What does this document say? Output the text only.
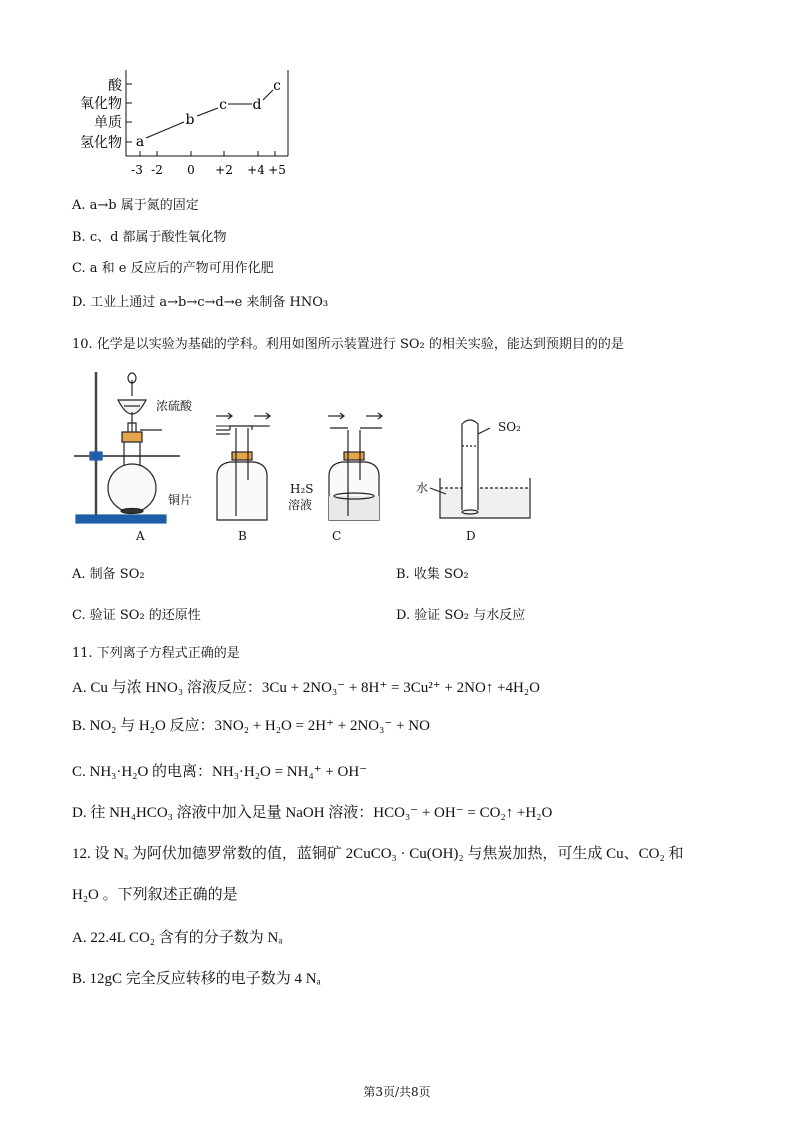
酸
氧化物
单质
氢化物
-3 -2 0 +2 +4 +5
a
b
c d
c
A. a→b 属于氮的固定
B. c、d 都属于酸性氧化物
C. a 和 e 反应后的产物可用作化肥
D. 工业上通过 a→b→c→d→e 来制备 HNO₃
10. 化学是以实验为基础的学科。利用如图所示装置进行 SO₂ 的相关实验，能达到预期目的的是
浓硫酸
铜片
H₂S
溶液
SO₂
水
A	B	C	D
A. 制备 SO₂	B. 收集 SO₂
C. 验证 SO₂ 的还原性	D. 验证 SO₂ 与水反应
11. 下列离子方程式正确的是
A. Cu 与浓 HNO₃ 溶液反应：3Cu + 2NO₃⁻ + 8H⁺ = 3Cu²⁺ + 2NO↑ +4H₂O
B. NO₂ 与 H₂O 反应：3NO₂ + H₂O = 2H⁺ + 2NO₃⁻ + NO
C. NH₃·H₂O 的电离：NH₃·H₂O = NH₄⁺ + OH⁻
D. 往 NH₄HCO₃ 溶液中加入足量 NaOH 溶液：HCO₃⁻ + OH⁻ = CO₂↑ +H₂O
12. 设 Nₐ 为阿伏加德罗常数的值，蓝铜矿 2CuCO₃ · Cu(OH)₂ 与焦炭加热，可生成 Cu、CO₂ 和
H₂O 。下列叙述正确的是
A. 22.4L CO₂ 含有的分子数为 Nₐ
B. 12gC 完全反应转移的电子数为 4 Nₐ
第3页/共8页
